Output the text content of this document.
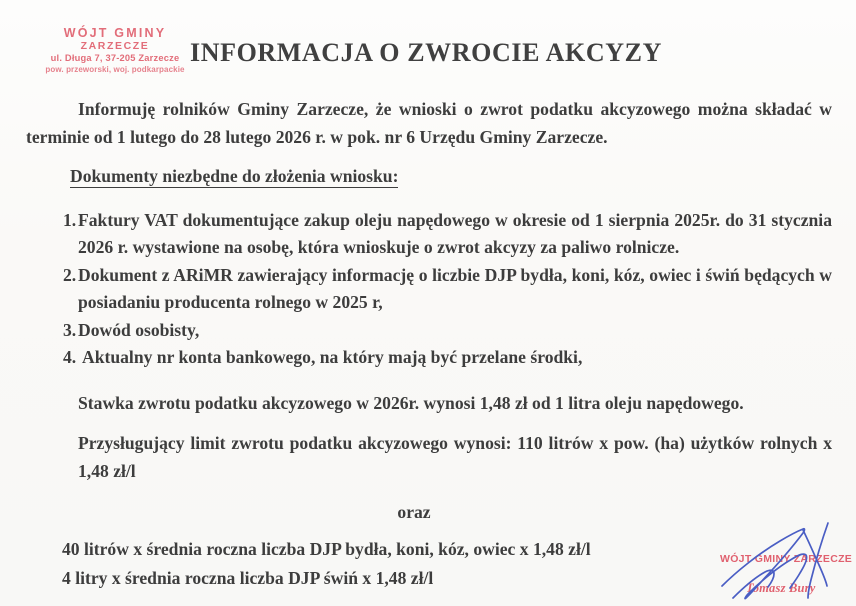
WÓJT GMINY
ZARZECZE
ul. Długa 7, 37-205 Zarzecze
pow. przeworski, woj. podkarpackie
INFORMACJA O ZWROCIE AKCYZY

Informuję rolników Gminy Zarzecze, że wnioski o zwrot podatku akcyzowego można składać w terminie od 1 lutego do 28 lutego 2026 r. w pok. nr 6 Urzędu Gminy Zarzecze.

Dokumenty niezbędne do złożenia wniosku:
Faktury VAT dokumentujące zakup oleju napędowego w okresie od 1 sierpnia 2025r. do 31 stycznia 2026 r. wystawione na osobę, która wnioskuje o zwrot akcyzy za paliwo rolnicze.
Dokument z ARiMR zawierający informację o liczbie DJP bydła, koni, kóz, owiec i świń będących w posiadaniu producenta rolnego w 2025 r,
Dowód osobisty,
Aktualny nr konta bankowego, na który mają być przelane środki,
Stawka zwrotu podatku akcyzowego w 2026r. wynosi 1,48 zł od 1 litra oleju napędowego.
Przysługujący limit zwrotu podatku akcyzowego wynosi: 110 litrów x pow. (ha) użytków rolnych x 1,48 zł/l
oraz
40 litrów x średnia roczna liczba DJP bydła, koni, kóz, owiec x 1,48 zł/l
4 litry x średnia roczna liczba DJP świń x 1,48 zł/l
WÓJT GMINY ZARZECZE
Tomasz Bury
